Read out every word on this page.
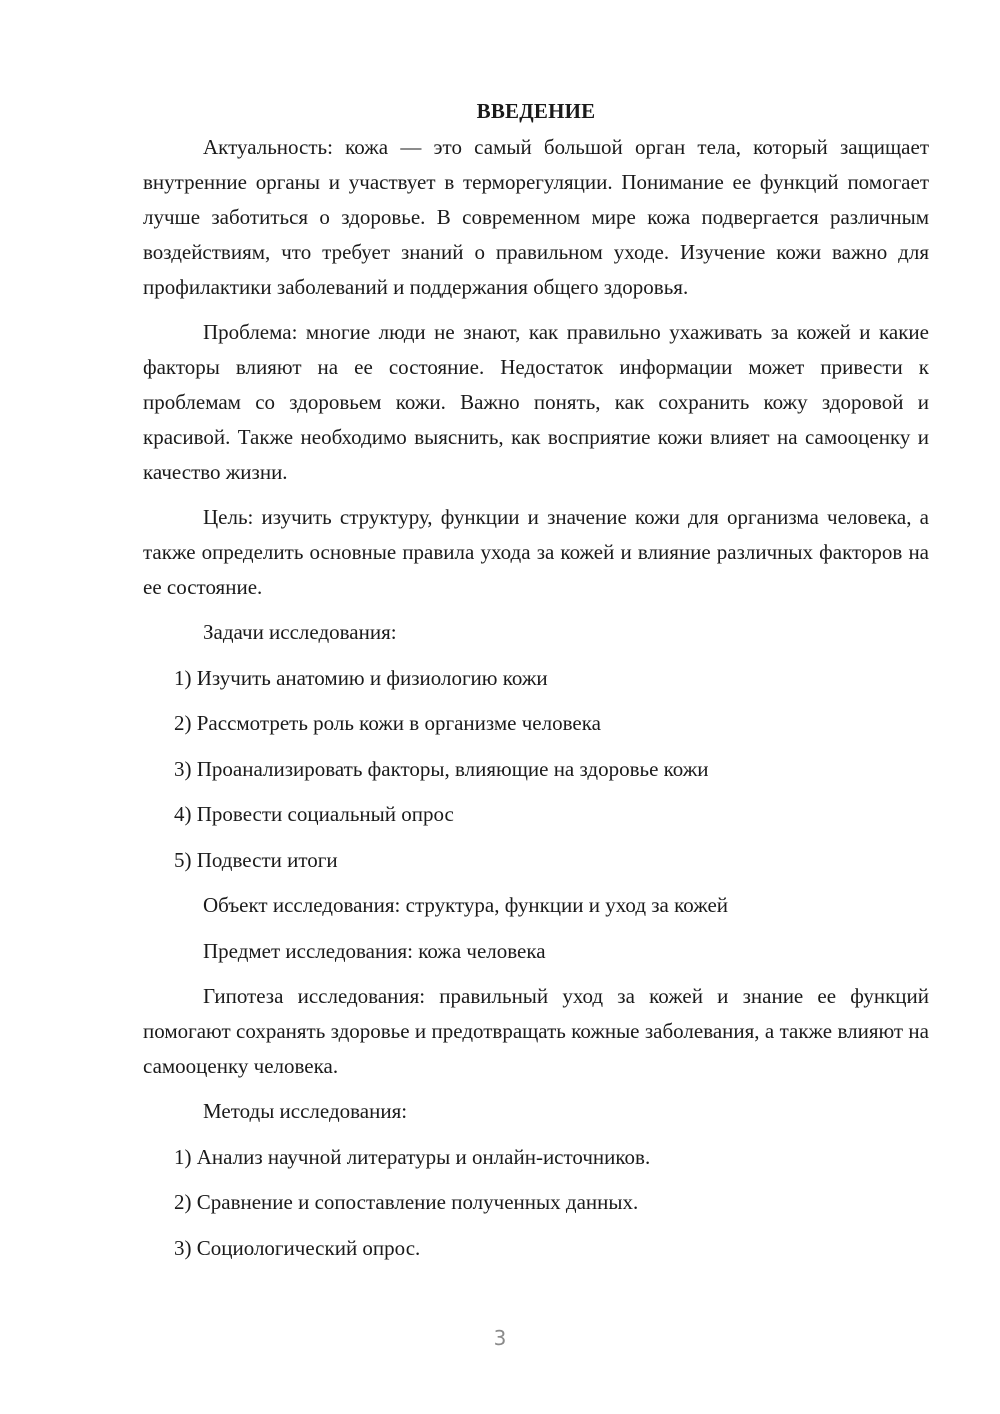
ВВЕДЕНИЕ

Актуальность: кожа — это самый большой орган тела, который защищает внутренние органы и участвует в терморегуляции. Понимание ее функций помогает лучше заботиться о здоровье. В современном мире кожа подвергается различным воздействиям, что требует знаний о правильном уходе. Изучение кожи важно для профилактики заболеваний и поддержания общего здоровья.

Проблема: многие люди не знают, как правильно ухаживать за кожей и какие факторы влияют на ее состояние. Недостаток информации может привести к проблемам со здоровьем кожи. Важно понять, как сохранить кожу здоровой и красивой. Также необходимо выяснить, как восприятие кожи влияет на самооценку и качество жизни.

Цель: изучить структуру, функции и значение кожи для организма человека, а также определить основные правила ухода за кожей и влияние различных факторов на ее состояние.

Задачи исследования:
1) Изучить анатомию и физиологию кожи
2) Рассмотреть роль кожи в организме человека
3) Проанализировать факторы, влияющие на здоровье кожи
4) Провести социальный опрос
5) Подвести итоги
Объект исследования: структура, функции и уход за кожей
Предмет исследования: кожа человека

Гипотеза исследования: правильный уход за кожей и знание ее функций помогают сохранять здоровье и предотвращать кожные заболевания, а также влияют на самооценку человека.

Методы исследования:
1) Анализ научной литературы и онлайн-источников.
2) Сравнение и сопоставление полученных данных.
3) Социологический опрос.
3
